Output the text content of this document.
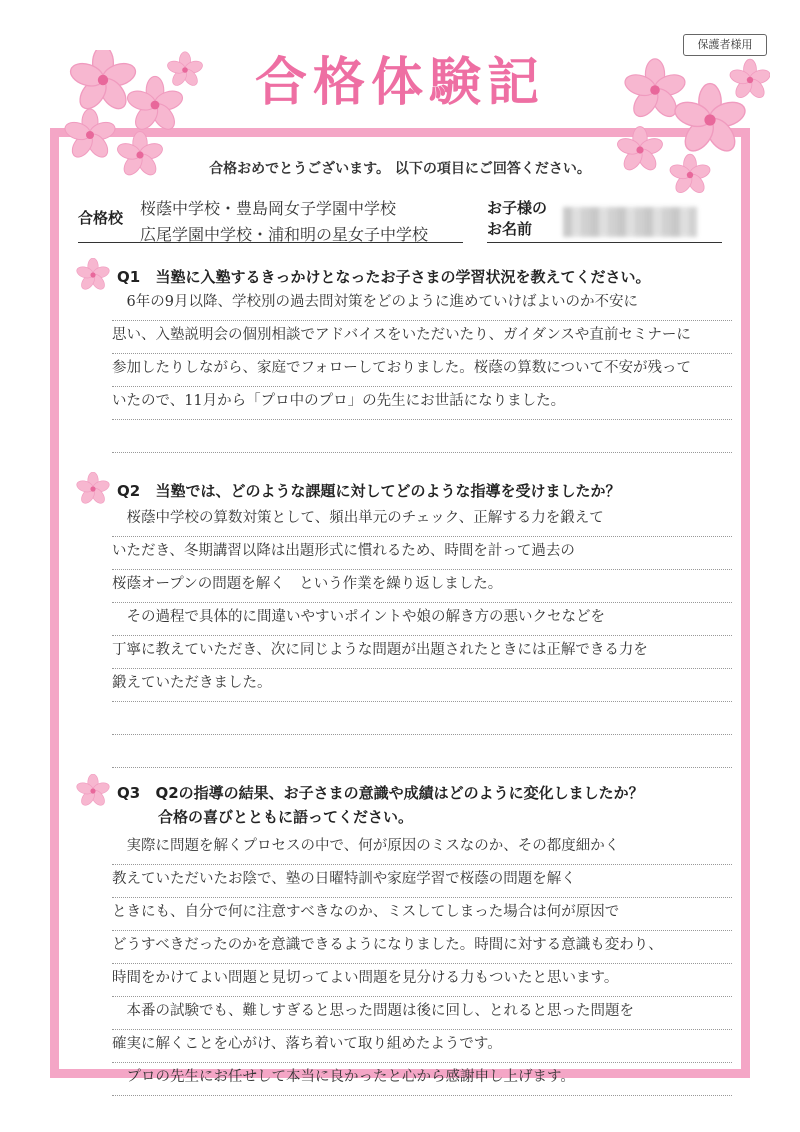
保護者様用
合格体験記
合格おめでとうございます。 以下の項目にご回答ください。
合格校 桜蔭中学校・豊島岡女子学園中学校
広尾学園中学校・浦和明の星女子中学校
お子様の
お名前
Q1 当塾に入塾するきっかけとなったお子さまの学習状況を教えてください。
　6年の9月以降、学校別の過去問対策をどのように進めていけばよいのか不安に
思い、入塾説明会の個別相談でアドバイスをいただいたり、ガイダンスや直前セミナーに
参加したりしながら、家庭でフォローしておりました。桜蔭の算数について不安が残って
いたので、11月から「プロ中のプロ」の先生にお世話になりました。
Q2 当塾では、どのような課題に対してどのような指導を受けましたか？
　桜蔭中学校の算数対策として、頻出単元のチェック、正解する力を鍛えて
いただき、冬期講習以降は出題形式に慣れるため、時間を計って過去の
桜蔭オープンの問題を解く　という作業を繰り返しました。
　その過程で具体的に間違いやすいポイントや娘の解き方の悪いクセなどを
丁寧に教えていただき、次に同じような問題が出題されたときには正解できる力を
鍛えていただきました。
Q3 Q2の指導の結果、お子さまの意識や成績はどのように変化しましたか？
合格の喜びとともに語ってください。
　実際に問題を解くプロセスの中で、何が原因のミスなのか、その都度細かく
教えていただいたお陰で、塾の日曜特訓や家庭学習で桜蔭の問題を解く
ときにも、自分で何に注意すべきなのか、ミスしてしまった場合は何が原因で
どうすべきだったのかを意識できるようになりました。時間に対する意識も変わり、
時間をかけてよい問題と見切ってよい問題を見分ける力もついたと思います。
　本番の試験でも、難しすぎると思った問題は後に回し、とれると思った問題を
確実に解くことを心がけ、落ち着いて取り組めたようです。
　プロの先生にお任せして本当に良かったと心から感謝申し上げます。
